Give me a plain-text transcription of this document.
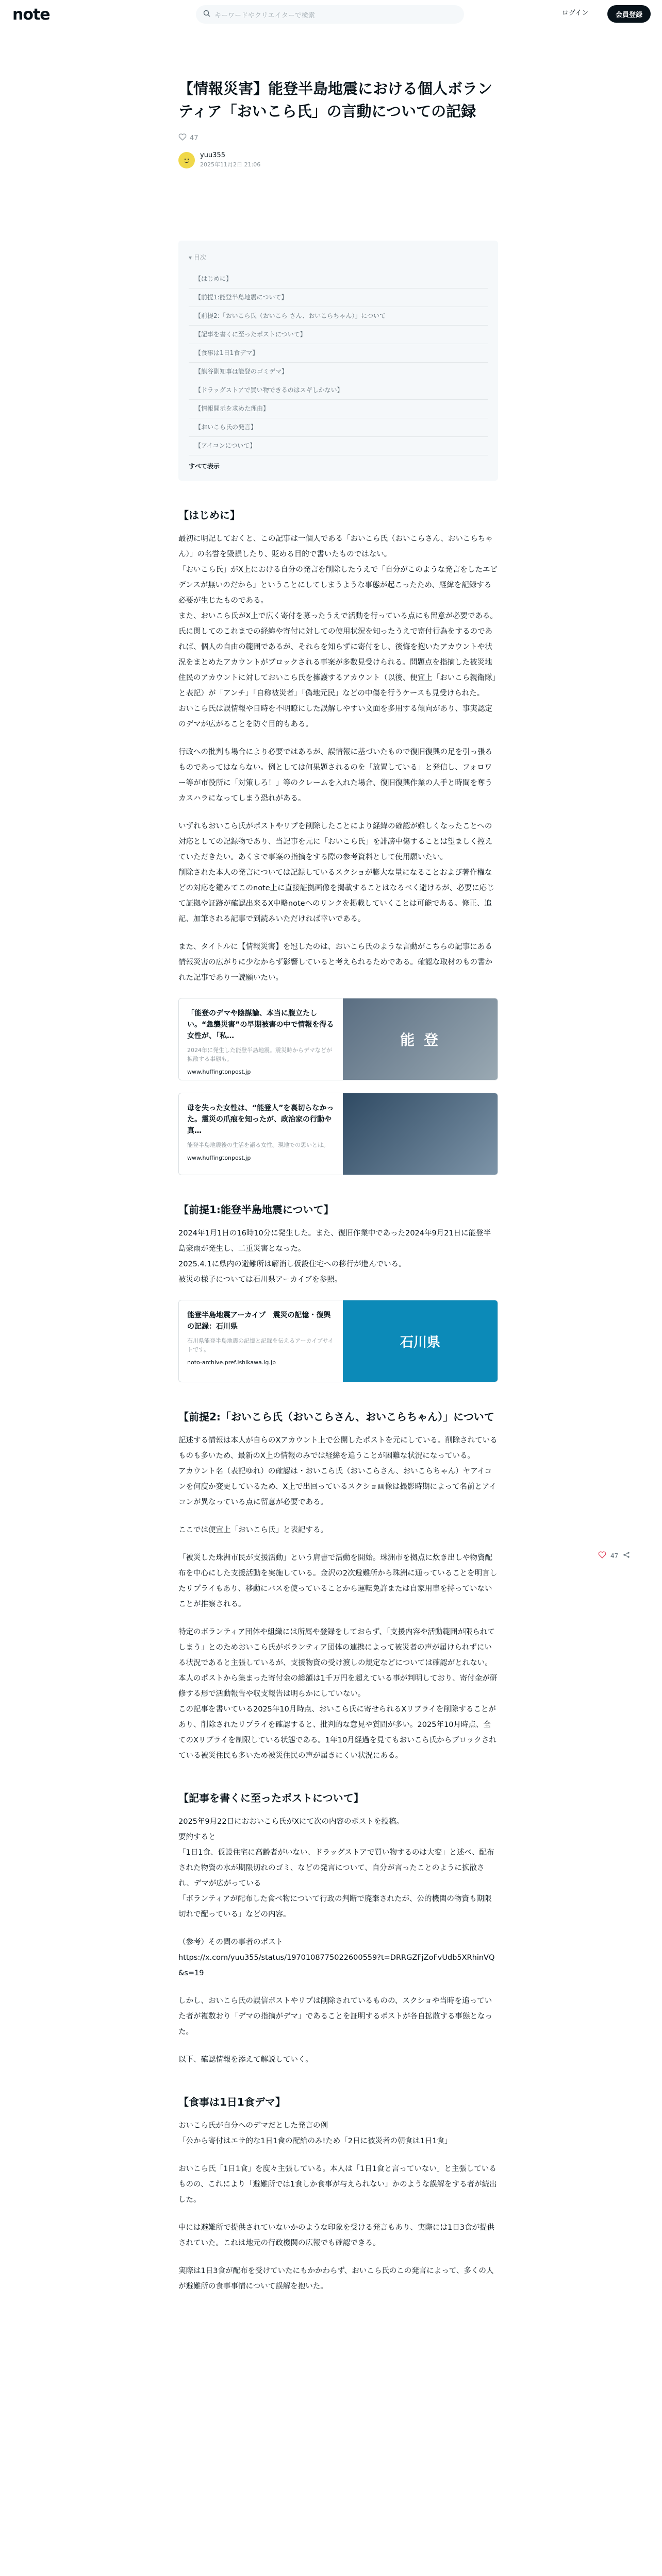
note	キーワードやクリエイターで検索	ログイン	会員登録
【情報災害】能登半島地震における個人ボランティア「おいこら氏」の言動についての記録
47
yuu355
2025年11月2日 21:06
▾ 目次
【はじめに】
【前提1:能登半島地震について】
【前提2:「おいこら氏（おいこら さん、おいこらちゃん）」について
【記事を書くに至ったポストについて】
【食事は1日1食デマ】
【熊谷副知事は能登のゴミデマ】
【ドラッグストアで買い物できるのはスギしかない】
【情報開示を求めた理由】
【おいこら氏の発言】
【アイコンについて】
すべて表示
【はじめに】

最初に明記しておくと、この記事は一個人である「おいこら氏（おいこらさん、おいこらちゃん）」の名誉を毀損したり、貶める目的で書いたものではない。
「おいこら氏」がX上における自分の発言を削除したうえで「自分がこのような発言をしたエビデンスが無いのだから」ということにしてしまうような事態が起こったため、経緯を記録する必要が生じたものである。
また、おいこら氏がX上で広く寄付を募ったうえで活動を行っている点にも留意が必要である。氏に関してのこれまでの経緯や寄付に対しての使用状況を知ったうえで寄付行為をするのであれば、個人の自由の範囲であるが、それらを知らずに寄付をし、後悔を抱いたアカウントや状況をまとめたアカウントがブロックされる事案が多数見受けられる。問題点を指摘した被災地住民のアカウントに対しておいこら氏を擁護するアカウント（以後、便宜上「おいこら親衛隊」と表記）が「アンチ」「自称被災者」「偽地元民」などの中傷を行うケースも見受けられた。
おいこら氏は誤情報や日時を不明瞭にした誤解しやすい文面を多用する傾向があり、事実認定のデマが広がることを防ぐ目的もある。

行政への批判も場合により必要ではあるが、誤情報に基づいたもので復旧復興の足を引っ張るものであってはならない。例としては何果題されるのを「放置している」と発信し、フォロワー等が市役所に「対策しろ！」等のクレームを入れた場合、復旧復興作業の人手と時間を奪うカスハラになってしまう恐れがある。

いずれもおいこら氏がポストやリプを削除したことにより経緯の確認が難しくなったことへの対応としての記録物であり、当記事を元に「おいこら氏」を誹謗中傷することは望ましく控えていただきたい。あくまで事案の指摘をする際の参考資料として使用願いたい。
削除された本人の発言については記録しているスクショが膨大な量になることおよび著作権などの対応を鑑みてこのnote上に直接証拠画像を掲載することはなるべく避けるが、必要に応じて証拠や証跡が確認出来るX中略noteへのリンクを掲載していくことは可能である。修正、追記、加筆される記事で到読みいただければ幸いである。

また、タイトルに【情報災害】を冠したのは、おいこら氏のような言動がこちらの記事にある情報災害の広がりに少なからず影響していると考えられるためである。確認な取材のもの書かれた記事であり一読願いたい。

「能登のデマや陰謀論、本当に腹立たしい。“急襲災害”の早期被害の中で情報を得る女性が、「私…
2024年に発生した能登半島地震。震災時からデマなどが拡散する事態も。
www.huffingtonpost.jp
能 登
母を失った女性は、“能登人”を裏切らなかった。震災の爪痕を知ったが、政治家の行動や真…
能登半島地震後の生活を語る女性。現地での思いとは。
www.huffingtonpost.jp
【前提1:能登半島地震について】

2024年1月1日の16時10分に発生した。また、復旧作業中であった2024年9月21日に能登半島豪雨が発生し、二重災害となった。
2025.4.1に県内の避難所は解消し仮設住宅への移行が進んでいる。
被災の様子については石川県アーカイブを参照。

能登半島地震アーカイブ　震災の記憶・復興の記録：石川県
石川県能登半島地震の記憶と記録を伝えるアーカイブサイトです。
noto-archive.pref.ishikawa.lg.jp
石川県
【前提2:「おいこら氏（おいこらさん、おいこらちゃん）」について

記述する情報は本人が自らのXアカウント上で公開したポストを元にしている。削除されているものも多いため、最新のX上の情報のみでは経緯を追うことが困難な状況になっている。
アカウント名（表記ゆれ）の確認は・おいこら氏（おいこらさん、おいこらちゃん）ヤアイコンを何度か変更しているため、X上で出回っているスクショ画像は撮影時期によって名前とアイコンが異なっている点に留意が必要である。

ここでは便宜上「おいこら氏」と表記する。

「被災した珠洲市民が支援活動」という肩書で活動を開始。珠洲市を拠点に炊き出しや物資配布を中心にした支援活動を実施している。金沢の2次避難所から珠洲に通っていることを明言したリプライもあり、移動にバスを使っていることから運転免許または自家用車を持っていないことが推察される。

特定のボランティア団体や組織には所属や登録をしておらず、「支援内容や活動範囲が限られてしまう」とのためおいこら氏がボランティア団体の連携によって被災者の声が届けられずにいる状況であると主張しているが、支援物資の受け渡しの規定などについては確認がとれない。
本人のポストから集まった寄付金の総額は1千万円を超えている事が判明しており、寄付金が研修する形で活動報告や収支報告は明らかにしていない。
この記事を書いている2025年10月時点、おいこら氏に寄せられるXリプライを削除することがあり、削除されたリプライを確認すると、批判的な意見や質問が多い。2025年10月時点、全てのXリプライを制限している状態である。1年10月経過を見てもおいこら氏からブロックされている被災住民も多いため被災住民の声が届きにくい状況にある。

【記事を書くに至ったポストについて】

2025年9月22日におおいこら氏がXにて次の内容のポストを投稿。
要約すると
「1日1食、仮設住宅に高齢者がいない、ドラッグストアで買い物するのは大変」と述べ、配布された物資の水が期限切れのゴミ、などの発言について、自分が言ったことのように拡散され、デマが広がっている
「ボランティアが配布した食べ物について行政の判断で廃棄されたが、公的機関の物資も期限切れで配っている」などの内容。

（参考）その問の事者のポスト
https://x.com/yuu355/status/1970108775022600559?t=DRRGZFjZoFvUdb5XRhinVQ&s=19

しかし、おいこら氏の誤信ポストやリプは削除されているものの、スクショや当時を追っていた者が複数おり「デマの指摘がデマ」であることを証明するポストが各自拡散する事態となった。

以下、確認情報を添えて解説していく。

【食事は1日1食デマ】

おいこら氏が自分へのデマだとした発言の例
「公から寄付はエサ的な1日1食の配給のみ!ため「2日に被災者の朝食は1日1食」

おいこら氏「1日1食」を度々主張している。本人は「1日1食と言っていない」と主張しているものの、これにより「避難所では1食しか食事が与えられない」かのような誤解をする者が続出した。

中には避難所で提供されていないかのような印象を受ける発言もあり、実際には1日3食が提供されていた。これは地元の行政機関の広報でも確認できる。

実際は1日3食が配布を受けていたにもかかわらず、おいこら氏のこの発言によって、多くの人が避難所の食事事情について誤解を抱いた。

47
